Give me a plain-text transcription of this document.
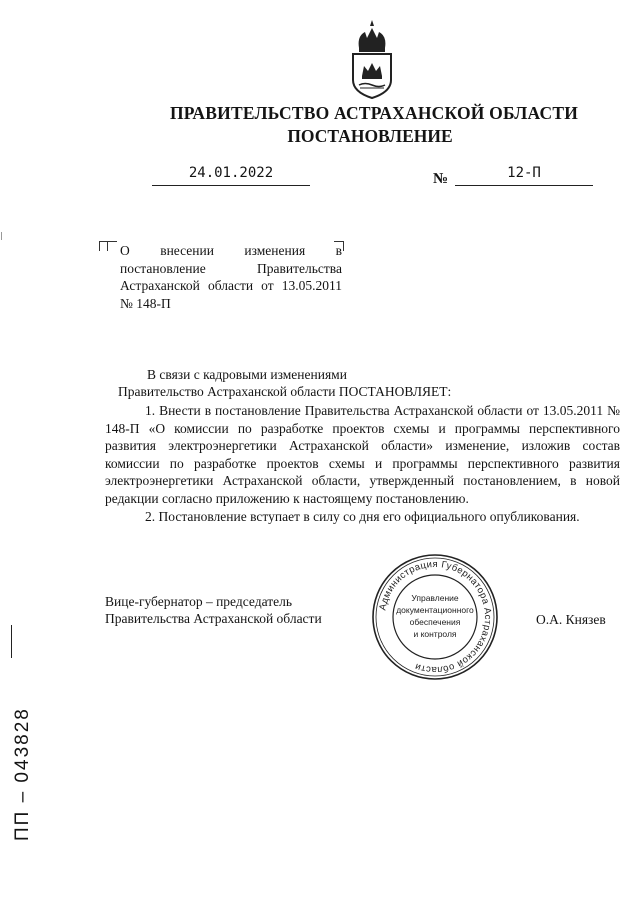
ПРАВИТЕЛЬСТВО АСТРАХАНСКОЙ ОБЛАСТИ
ПОСТАНОВЛЕНИЕ
24.01.2022	№	12-П
О внесении изменения в постановление Правительства Астраханской области от 13.05.2011 № 148-П
В связи с кадровыми изменениями
Правительство Астраханской области ПОСТАНОВЛЯЕТ:

1. Внести в постановление Правительства Астраханской области от 13.05.2011 № 148-П «О комиссии по разработке проектов схемы и программы перспективного развития электроэнергетики Астраханской области» изменение, изложив состав комиссии по разработке проектов схемы и программы перспективного развития электроэнергетики Астраханской области, утвержденный постановлением, в новой редакции согласно приложению к настоящему постановлению.

2. Постановление вступает в силу со дня его официального опубликования.

Вице-губернатор – председатель
Правительства Астраханской области	О.А. Князев
Администрация Губернатора Астраханской области
Управление
документационного
обеспечения
и контроля
ПП – 043828
